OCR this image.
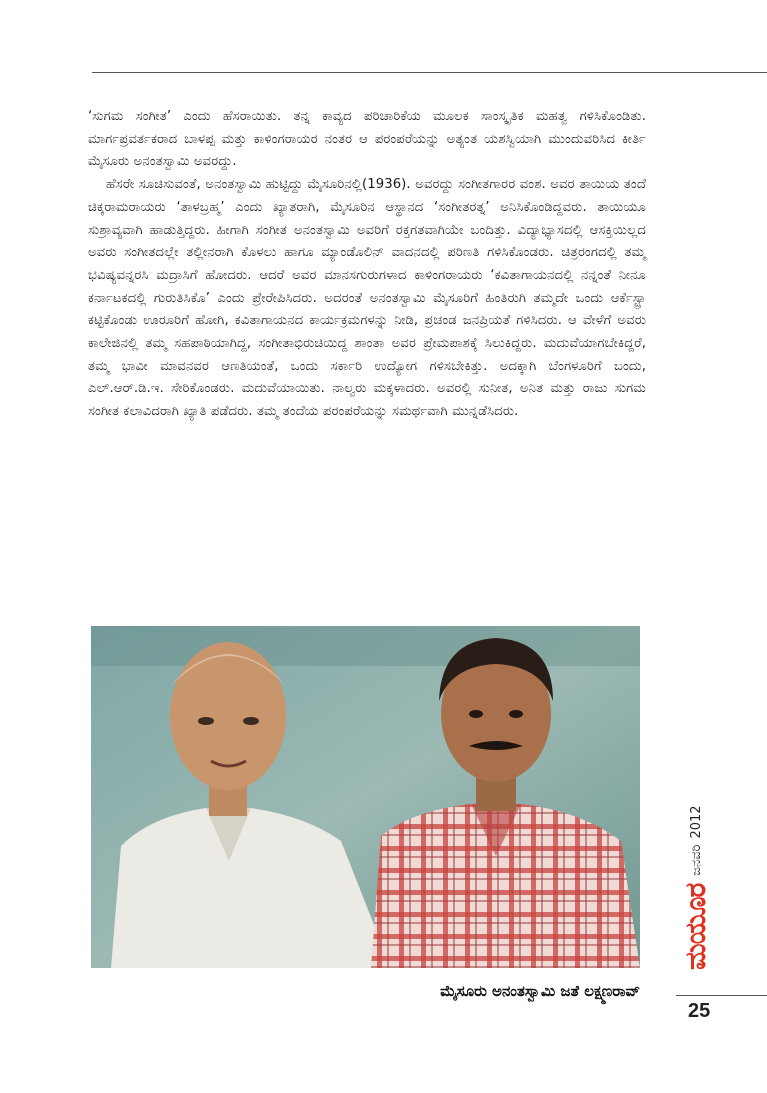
‘ಸುಗಮ ಸಂಗೀತ’ ಎಂದು ಹೆಸರಾಯಿತು. ತನ್ನ ಕಾವ್ಯದ ಪರಿಚಾರಿಕೆಯ ಮೂಲಕ ಸಾಂಸ್ಕೃತಿಕ ಮಹತ್ವ ಗಳಿಸಿಕೊಂಡಿತು. ಮಾರ್ಗಪ್ರವರ್ತಕರಾದ ಬಾಳಪ್ಪ ಮತ್ತು ಕಾಳಿಂಗರಾಯರ ನಂತರ ಆ ಪರಂಪರೆಯನ್ನು ಅತ್ಯಂತ ಯಶಸ್ವಿಯಾಗಿ ಮುಂದುವರಿಸಿದ ಕೀರ್ತಿ ಮೈಸೂರು ಅನಂತಸ್ವಾಮಿ ಅವರದ್ದು.

ಹೆಸರೇ ಸೂಚಿಸುವಂತೆ, ಅನಂತಸ್ವಾಮಿ ಹುಟ್ಟಿದ್ದು ಮೈಸೂರಿನಲ್ಲಿ(1936). ಅವರದ್ದು ಸಂಗೀತಗಾರರ ವಂಶ. ಅವರ ತಾಯಿಯ ತಂದೆ ಚಿಕ್ಕರಾಮರಾಯರು ‘ತಾಳಬ್ರಹ್ಮ’ ಎಂದು ಖ್ಯಾತರಾಗಿ, ಮೈಸೂರಿನ ಆಸ್ಥಾನದ ‘ಸಂಗೀತರತ್ನ’ ಅನಿಸಿಕೊಂಡಿದ್ದವರು. ತಾಯಿಯೂ ಸುಶ್ರಾವ್ಯವಾಗಿ ಹಾಡುತ್ತಿದ್ದರು. ಹೀಗಾಗಿ ಸಂಗೀತ ಅನಂತಸ್ವಾಮಿ ಅವರಿಗೆ ರಕ್ತಗತವಾಗಿಯೇ ಬಂದಿತ್ತು. ವಿದ್ಯಾಭ್ಯಾಸದಲ್ಲಿ ಆಸಕ್ತಿಯಿಲ್ಲದ ಅವರು ಸಂಗೀತದಲ್ಲೇ ತಲ್ಲೀನರಾಗಿ ಕೊಳಲು ಹಾಗೂ ಮ್ಯಾಂಡೊಲಿನ್ ವಾದನದಲ್ಲಿ ಪರಿಣತಿ ಗಳಿಸಿಕೊಂಡರು. ಚಿತ್ರರಂಗದಲ್ಲಿ ತಮ್ಮ ಭವಿಷ್ಯವನ್ನರಸಿ ಮದ್ರಾಸಿಗೆ ಹೋದರು. ಆದರೆ ಅವರ ಮಾನಸಗುರುಗಳಾದ ಕಾಳಿಂಗರಾಯರು ‘ಕವಿತಾಗಾಯನದಲ್ಲಿ ನನ್ನಂತೆ ನೀನೂ ಕರ್ನಾಟಕದಲ್ಲಿ ಗುರುತಿಸಿಕೊ’ ಎಂದು ಪ್ರೇರೇಪಿಸಿದರು. ಅದರಂತೆ ಅನಂತಸ್ವಾಮಿ ಮೈಸೂರಿಗೆ ಹಿಂತಿರುಗಿ ತಮ್ಮದೇ ಒಂದು ಆರ್ಕೆಸ್ಟ್ರಾ ಕಟ್ಟಿಕೊಂಡು ಊರೂರಿಗೆ ಹೋಗಿ, ಕವಿತಾಗಾಯನದ ಕಾರ್ಯಕ್ರಮಗಳನ್ನು ನೀಡಿ, ಪ್ರಚಂಡ ಜನಪ್ರಿಯತೆ ಗಳಿಸಿದರು. ಆ ವೇಳೆಗೆ ಅವರು ಕಾಲೇಜಿನಲ್ಲಿ ತಮ್ಮ ಸಹಪಾಠಿಯಾಗಿದ್ದ, ಸಂಗೀತಾಭಿರುಚಿಯಿದ್ದ ಶಾಂತಾ ಅವರ ಪ್ರೇಮಪಾಶಕ್ಕೆ ಸಿಲುಕಿದ್ದರು. ಮದುವೆಯಾಗಬೇಕಿದ್ದರೆ, ತಮ್ಮ ಭಾವೀ ಮಾವನವರ ಆಣತಿಯಂತೆ, ಒಂದು ಸರ್ಕಾರಿ ಉದ್ಯೋಗ ಗಳಿಸಬೇಕಿತ್ತು. ಅದಕ್ಕಾಗಿ ಬೆಂಗಳೂರಿಗೆ ಬಂದು, ಎಲ್.ಆರ್.ಡಿ.ಇ. ಸೇರಿಕೊಂಡರು. ಮದುವೆಯಾಯಿತು. ನಾಲ್ವರು ಮಕ್ಕಳಾದರು. ಅವರಲ್ಲಿ ಸುನೀತ, ಅನಿತ ಮತ್ತು ರಾಜು ಸುಗಮ ಸಂಗೀತ ಕಲಾವಿದರಾಗಿ ಖ್ಯಾತಿ ಪಡೆದರು. ತಮ್ಮ ತಂದೆಯ ಪರಂಪರೆಯನ್ನು ಸಮರ್ಥವಾಗಿ ಮುನ್ನಡೆಸಿದರು.

ಮೈಸೂರು ಅನಂತಸ್ವಾಮಿ ಜತೆ ಲಕ್ಷ್ಮಣರಾವ್
ಮಯೂರ
ಜನವರಿ
2012
25
